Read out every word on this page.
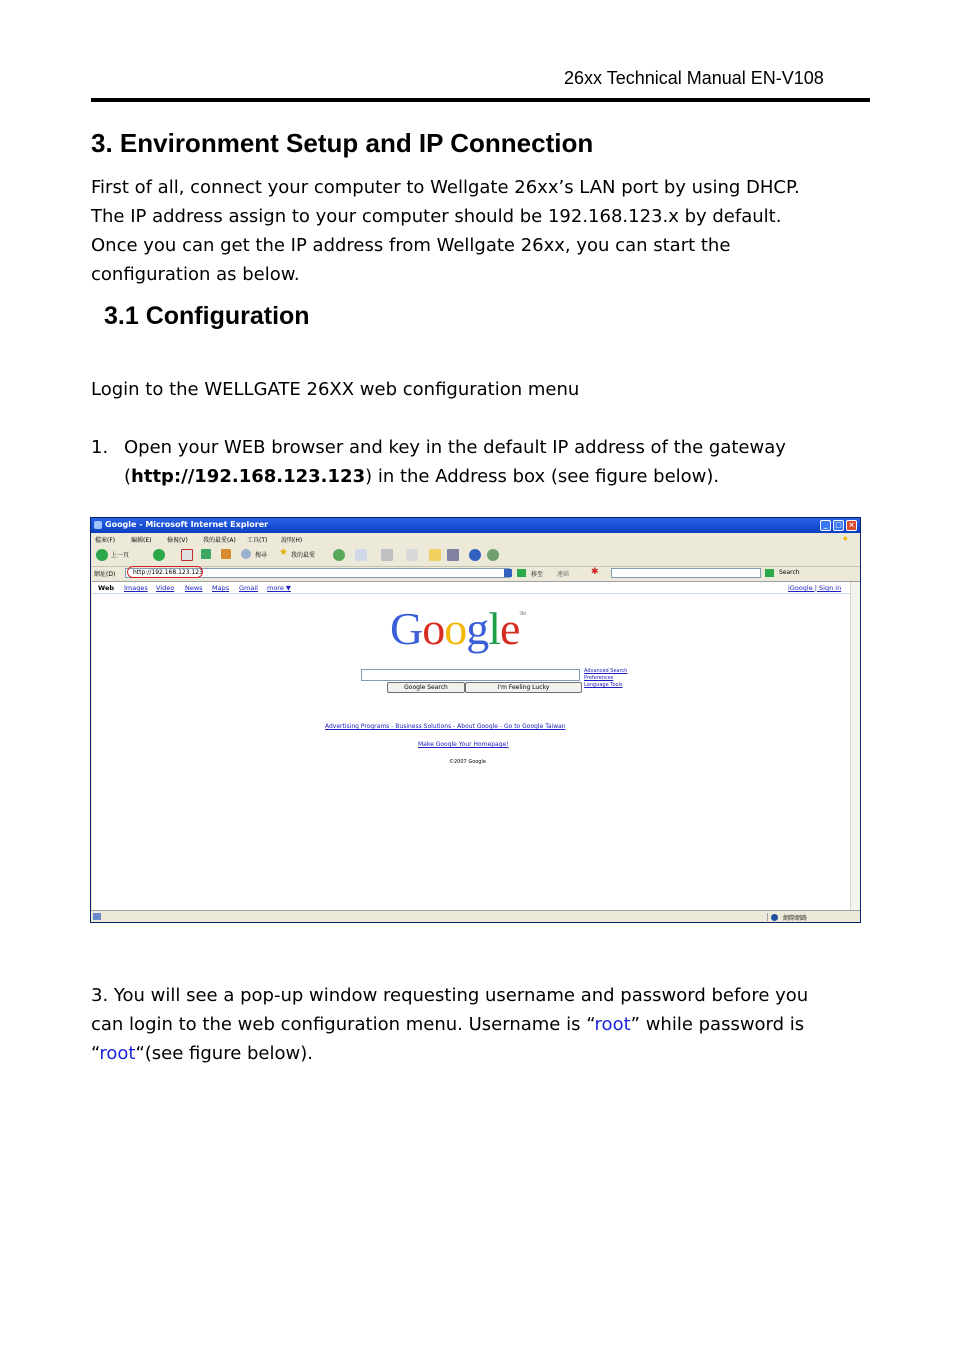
26xx Technical Manual EN-V108
3. Environment Setup and IP Connection
First of all, connect your computer to Wellgate 26xx’s LAN port by using DHCP.
The IP address assign to your computer should be 192.168.123.x by default.
Once you can get the IP address from Wellgate 26xx, you can start the
configuration as below.
3.1 Configuration
Login to the WELLGATE 26XX web configuration menu
1. Open your WEB browser and key in the default IP address of the gateway
(http://192.168.123.123) in the Address box (see figure below).
Google - Microsoft Internet Explorer	_	□ ×
檔案(F)	編輯(E)	檢視(V)	我的最愛(A) 工具(T) 說明(H)	◆
上一頁	搜尋 ★ 我的最愛
網址(D)	http://192.168.123.123	移至 連結 ✱	Search
Web Images Video News Maps Gmail more ▼	iGoogle | Sign in
Google™
Google Search	I'm Feeling Lucky
Advanced Search
Preferences
Language Tools
Advertising Programs - Business Solutions - About Google - Go to Google Taiwan
Make Google Your Homepage!
©2007 Google
網際網路
3. You will see a pop-up window requesting username and password before you
can login to the web configuration menu. Username is “root” while password is
“root“(see figure below).
